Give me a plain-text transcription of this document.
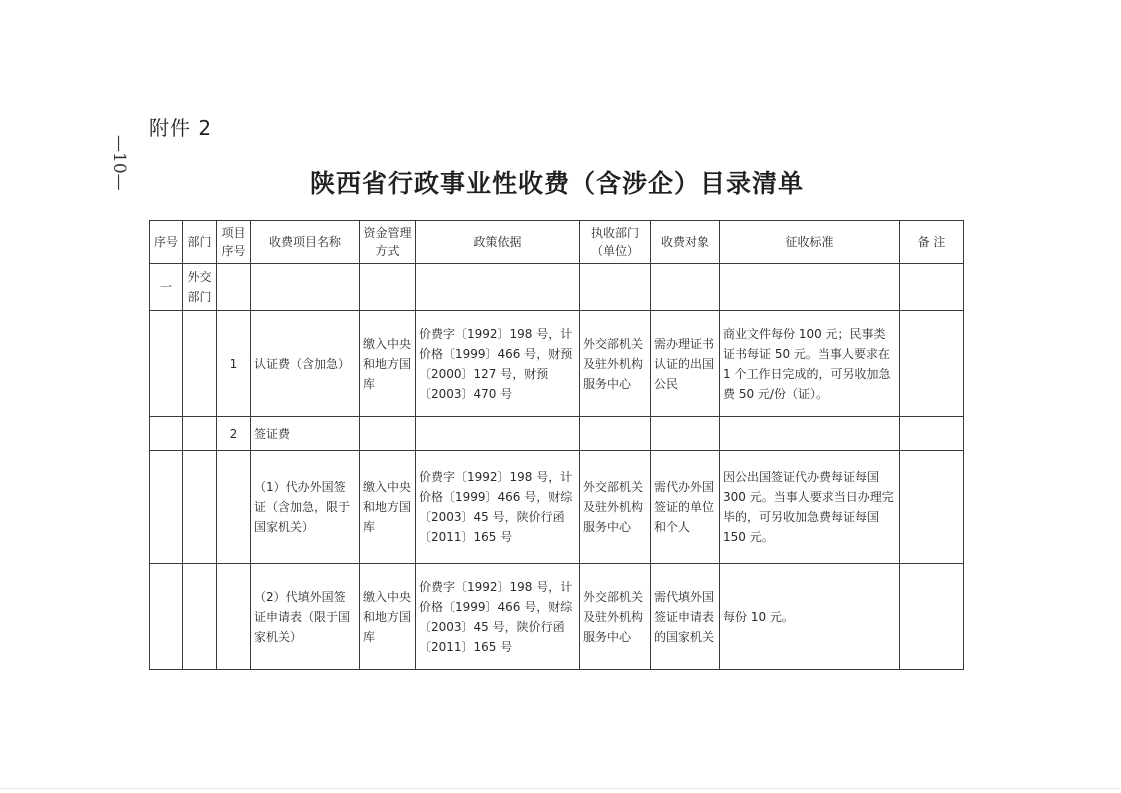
附件 2
—10—	陕西省行政事业性收费（含涉企）目录清单
序号	部门	项目序号	收费项目名称	资金管理方式	政策依据	执收部门（单位）	收费对象	征收标准	备 注
一	外交部门								
		1	认证费（含加急）	缴入中央和地方国库	价费字〔1992〕198 号，计价格〔1999〕466 号，财预〔2000〕127 号，财预〔2003〕470 号	外交部机关及驻外机构服务中心	需办理证书认证的出国公民	商业文件每份 100 元；民事类证书每证 50 元。当事人要求在 1 个工作日完成的，可另收加急费 50 元/份（证）。	
		2	签证费						
			（1）代办外国签证（含加急，限于国家机关）	缴入中央和地方国库	价费字〔1992〕198 号，计价格〔1999〕466 号，财综〔2003〕45 号，陕价行函〔2011〕165 号	外交部机关及驻外机构服务中心	需代办外国签证的单位和个人	因公出国签证代办费每证每国 300 元。当事人要求当日办理完毕的，可另收加急费每证每国 150 元。	
			（2）代填外国签证申请表（限于国家机关）	缴入中央和地方国库	价费字〔1992〕198 号，计价格〔1999〕466 号，财综〔2003〕45 号，陕价行函〔2011〕165 号	外交部机关及驻外机构服务中心	需代填外国签证申请表的国家机关	每份 10 元。	
